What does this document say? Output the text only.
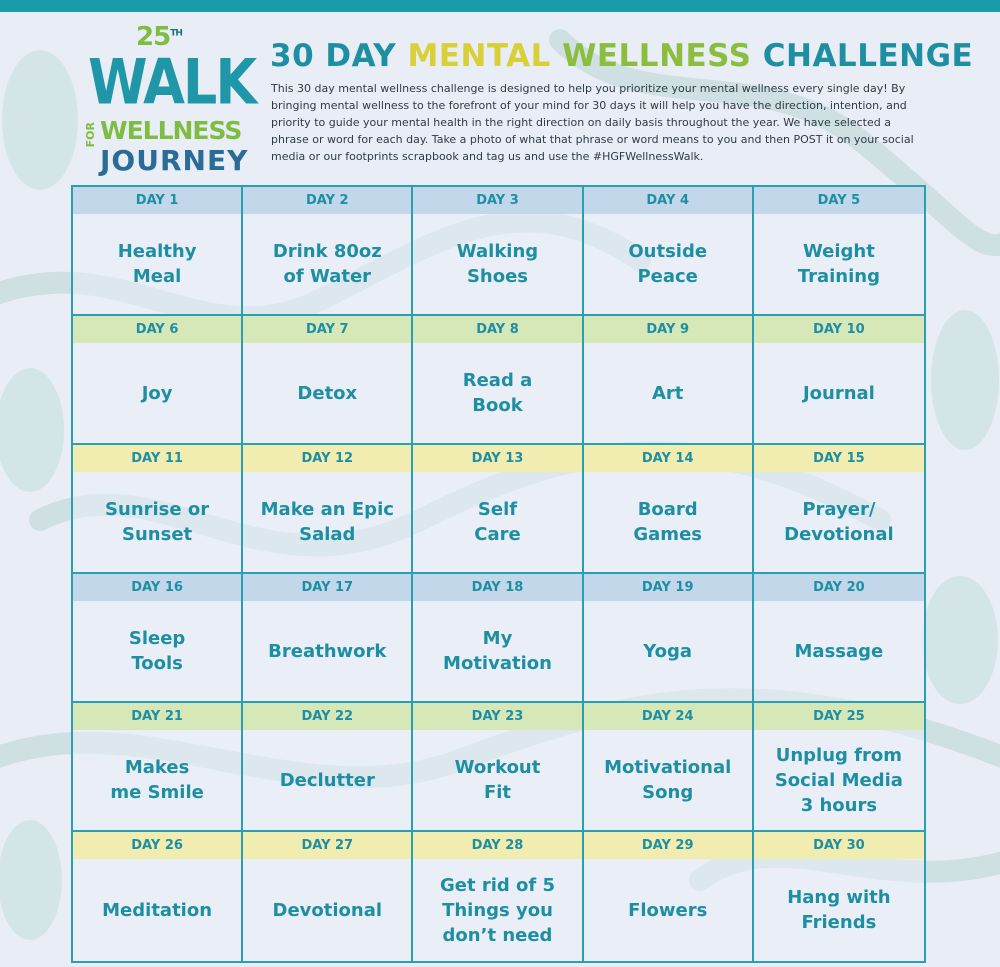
25TH
WALK
FOR WELLNESS
JOURNEY
30 DAY MENTAL WELLNESS CHALLENGE

This 30 day mental wellness challenge is designed to help you prioritize your mental wellness every single day! By bringing mental wellness to the forefront of your mind for 30 days it will help you have the direction, intention, and priority to guide your mental health in the right direction on daily basis throughout the year. We have selected a phrase or word for each day. Take a photo of what that phrase or word means to you and then POST it on your social media or our footprints scrapbook and tag us and use the #HGFWellnessWalk.

DAY 1
Healthy
Meal
DAY 2
Drink 80oz
of Water
DAY 3
Walking
Shoes
DAY 4
Outside
Peace
DAY 5
Weight
Training
DAY 6
Joy
DAY 7
Detox
DAY 8
Read a
Book
DAY 9
Art
DAY 10
Journal
DAY 11
Sunrise or
Sunset
DAY 12
Make an Epic
Salad
DAY 13
Self
Care
DAY 14
Board
Games
DAY 15
Prayer/
Devotional
DAY 16
Sleep
Tools
DAY 17
Breathwork
DAY 18
My
Motivation
DAY 19
Yoga
DAY 20
Massage
DAY 21
Makes
me Smile
DAY 22
Declutter
DAY 23
Workout
Fit
DAY 24
Motivational
Song
DAY 25
Unplug from
Social Media
3 hours
DAY 26
Meditation
DAY 27
Devotional
DAY 28
Get rid of 5
Things you
don’t need
DAY 29
Flowers
DAY 30
Hang with
Friends
